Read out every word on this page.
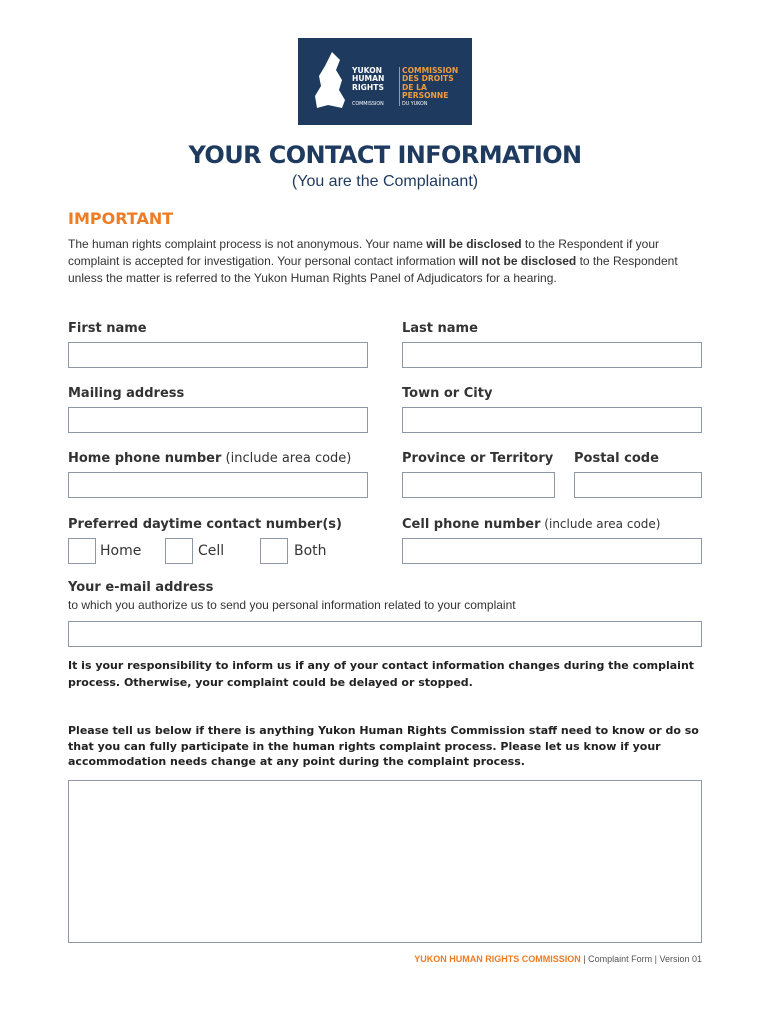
YUKON
HUMAN
RIGHTS
COMMISSION
COMMISSION
DES DROITS
DE LA PERSONNE
DU YUKON
YOUR CONTACT INFORMATION
(You are the Complainant)
IMPORTANT
The human rights complaint process is not anonymous. Your name will be disclosed to the Respondent if your complaint is accepted for investigation. Your personal contact information will not be disclosed to the Respondent unless the matter is referred to the Yukon Human Rights Panel of Adjudicators for a hearing.
First name	Last name
Mailing address	Town or City
Home phone number (include area code)	Province or Territory Postal code
Preferred daytime contact number(s)
Home	Cell	Both
Cell phone number (include area code)
Your e-mail address
to which you authorize us to send you personal information related to your complaint
It is your responsibility to inform us if any of your contact information changes during the complaint process. Otherwise, your complaint could be delayed or stopped.
Please tell us below if there is anything Yukon Human Rights Commission staff need to know or do so that you can fully participate in the human rights complaint process. Please let us know if your accommodation needs change at any point during the complaint process.
YUKON HUMAN RIGHTS COMMISSION | Complaint Form | Version 01
